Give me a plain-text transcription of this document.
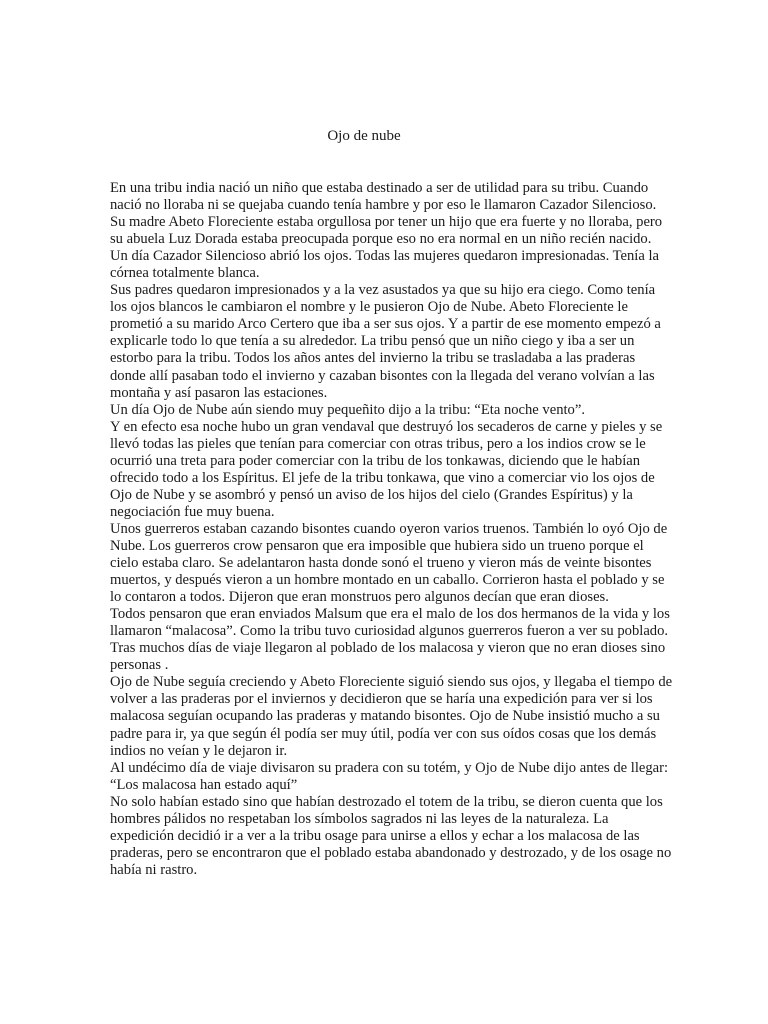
Ojo de nube

En una tribu india nació un niño que estaba destinado a ser de utilidad para su tribu. Cuando nació no lloraba ni se quejaba cuando tenía hambre y por eso le llamaron Cazador Silencioso. Su madre Abeto Floreciente estaba orgullosa por tener un hijo que era fuerte y no lloraba, pero su abuela Luz Dorada estaba preocupada porque eso no era normal en un niño recién nacido.

Un día Cazador Silencioso abrió los ojos. Todas las mujeres quedaron impresionadas. Tenía la córnea totalmente blanca.

Sus padres quedaron impresionados y a la vez asustados ya que su hijo era ciego. Como tenía los ojos blancos le cambiaron el nombre y le pusieron Ojo de Nube. Abeto Floreciente le prometió a su marido Arco Certero que iba a ser sus ojos. Y a partir de ese momento empezó a explicarle todo lo que tenía a su alrededor. La tribu pensó que un niño ciego y iba a ser un estorbo para la tribu. Todos los años antes del invierno la tribu se trasladaba a las praderas donde allí pasaban todo el invierno y cazaban bisontes con la llegada del verano volvían a las montaña y así pasaron las estaciones.

Un día Ojo de Nube aún siendo muy pequeñito dijo a la tribu: “Eta noche vento”.

Y en efecto esa noche hubo un gran vendaval que destruyó los secaderos de carne y pieles y se llevó todas las pieles que tenían para comerciar con otras tribus, pero a los indios crow se le ocurrió una treta para poder comerciar con la tribu de los tonkawas, diciendo que le habían ofrecido todo a los Espíritus. El jefe de la tribu tonkawa, que vino a comerciar vio los ojos de Ojo de Nube y se asombró y pensó un aviso de los hijos del cielo (Grandes Espíritus) y la negociación fue muy buena.

Unos guerreros estaban cazando bisontes cuando oyeron varios truenos. También lo oyó Ojo de Nube. Los guerreros crow pensaron que era imposible que hubiera sido un trueno porque el cielo estaba claro. Se adelantaron hasta donde sonó el trueno y vieron más de veinte bisontes muertos, y después vieron a un hombre montado en un caballo. Corrieron hasta el poblado y se lo contaron a todos. Dijeron que eran monstruos pero algunos decían que eran dioses.

Todos pensaron que eran enviados Malsum que era el malo de los dos hermanos de la vida y los llamaron “malacosa”. Como la tribu tuvo curiosidad algunos guerreros fueron a ver su poblado. Tras muchos días de viaje llegaron al poblado de los malacosa y vieron que no eran dioses sino personas .

Ojo de Nube seguía creciendo y Abeto Floreciente siguió siendo sus ojos, y llegaba el tiempo de volver a las praderas por el inviernos y decidieron que se haría una expedición para ver si los malacosa seguían ocupando las praderas y matando bisontes. Ojo de Nube insistió mucho a su padre para ir, ya que según él podía ser muy útil, podía ver con sus oídos cosas que los demás indios no veían y le dejaron ir.

Al undécimo día de viaje divisaron su pradera con su totém, y Ojo de Nube dijo antes de llegar: “Los malacosa han estado aquí”

No solo habían estado sino que habían destrozado el totem de la tribu, se dieron cuenta que los hombres pálidos no respetaban los símbolos sagrados ni las leyes de la naturaleza. La expedición decidió ir a ver a la tribu osage para unirse a ellos y echar a los malacosa de las praderas, pero se encontraron que el poblado estaba abandonado y destrozado, y de los osage no había ni rastro.
